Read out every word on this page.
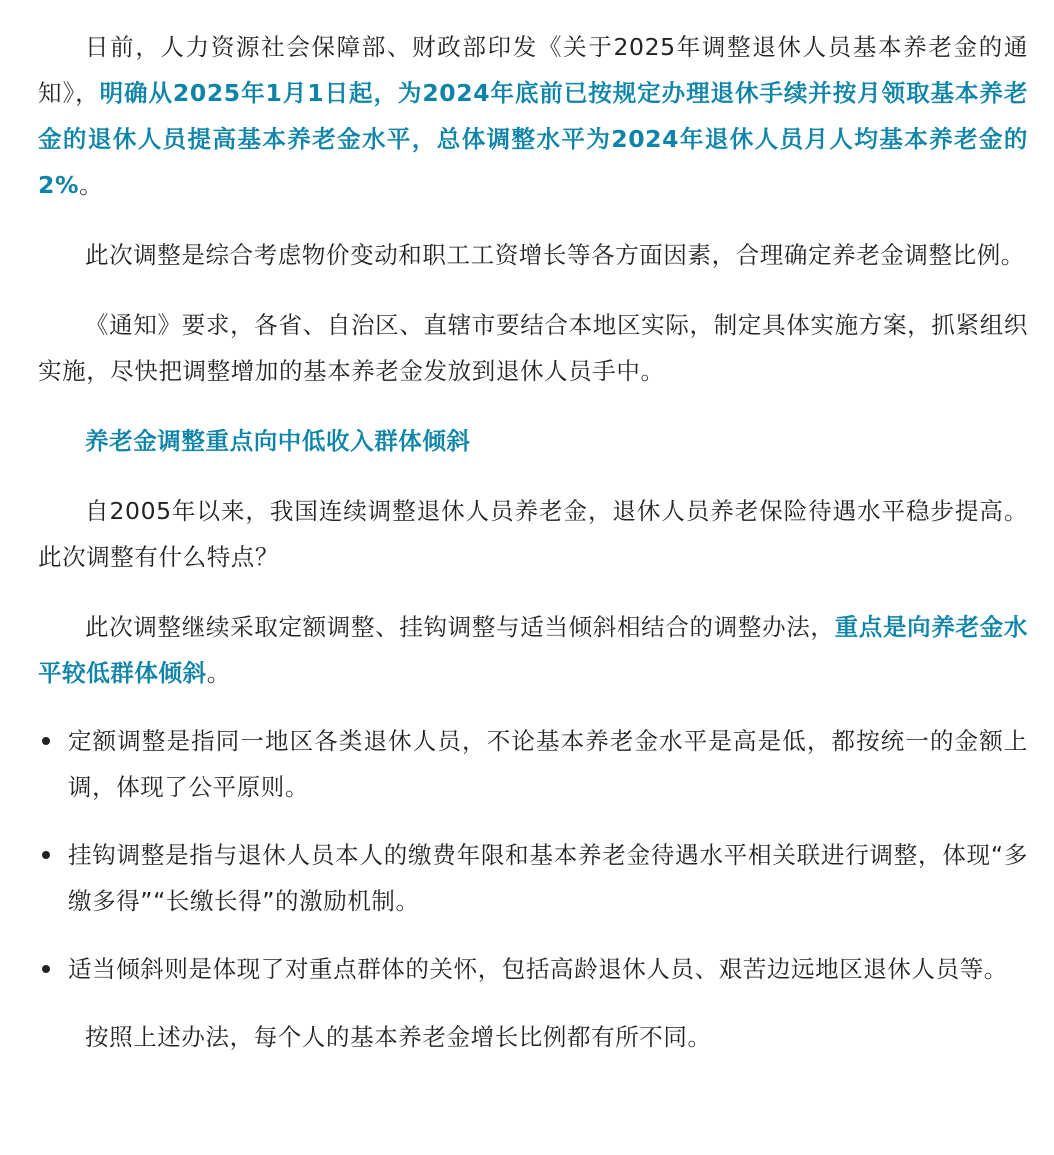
日前，人力资源社会保障部、财政部印发《关于2025年调整退休人员基本养老金的通知》，明确从2025年1月1日起，为2024年底前已按规定办理退休手续并按月领取基本养老金的退休人员提高基本养老金水平，总体调整水平为2024年退休人员月人均基本养老金的2%。

此次调整是综合考虑物价变动和职工工资增长等各方面因素，合理确定养老金调整比例。

《通知》要求，各省、自治区、直辖市要结合本地区实际，制定具体实施方案，抓紧组织实施，尽快把调整增加的基本养老金发放到退休人员手中。

养老金调整重点向中低收入群体倾斜

自2005年以来，我国连续调整退休人员养老金，退休人员养老保险待遇水平稳步提高。此次调整有什么特点？

此次调整继续采取定额调整、挂钩调整与适当倾斜相结合的调整办法，重点是向养老金水平较低群体倾斜。

定额调整是指同一地区各类退休人员，不论基本养老金水平是高是低，都按统一的金额上调，体现了公平原则。
挂钩调整是指与退休人员本人的缴费年限和基本养老金待遇水平相关联进行调整，体现“多缴多得”“长缴长得”的激励机制。
适当倾斜则是体现了对重点群体的关怀，包括高龄退休人员、艰苦边远地区退休人员等。

按照上述办法，每个人的基本养老金增长比例都有所不同。
